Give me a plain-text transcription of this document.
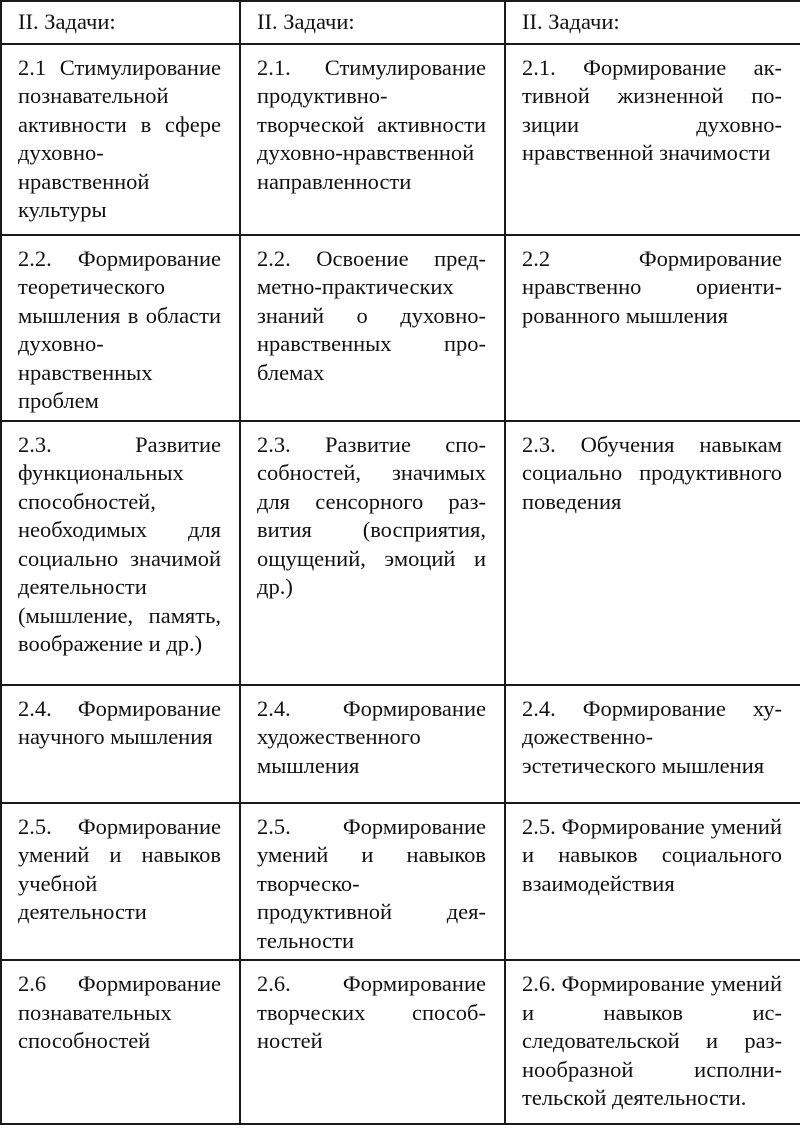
II. Задачи:	II. Задачи:	II. Задачи:
2.1 Стимулирование познавательной активности в сфере духовно-нравственной культуры	2.1. Стимулирование продуктивно-творческой активности духовно-нравственной направленности	2.1. Формирование активной жизненной позиции духовно-нравственной значимости
2.2. Формирование теоретического мышления в области духовно-нравственных проблем	2.2. Освоение предметно-практических знаний о духовно-нравственных проблемах	2.2 Формирование нравственно ориентированного мышления
2.3. Развитие функциональных способностей, необходимых для социально значимой деятельности (мышление, память, воображение и др.)	2.3. Развитие способностей, значимых для сенсорного развития (восприятия, ощущений, эмоций и др.)	2.3. Обучения навыкам социально продуктивного поведения
2.4. Формирование научного мышления	2.4. Формирование художественного мышления	2.4. Формирование художественно-эстетического мышления
2.5. Формирование умений и навыков учебной деятельности	2.5. Формирование умений и навыков творческо-продуктивной деятельности	2.5. Формирование умений и навыков социального взаимодействия
2.6 Формирование познавательных способностей	2.6. Формирование творческих способностей	2.6. Формирование умений и навыков исследовательской и разнообразной исполнительской деятельности.
